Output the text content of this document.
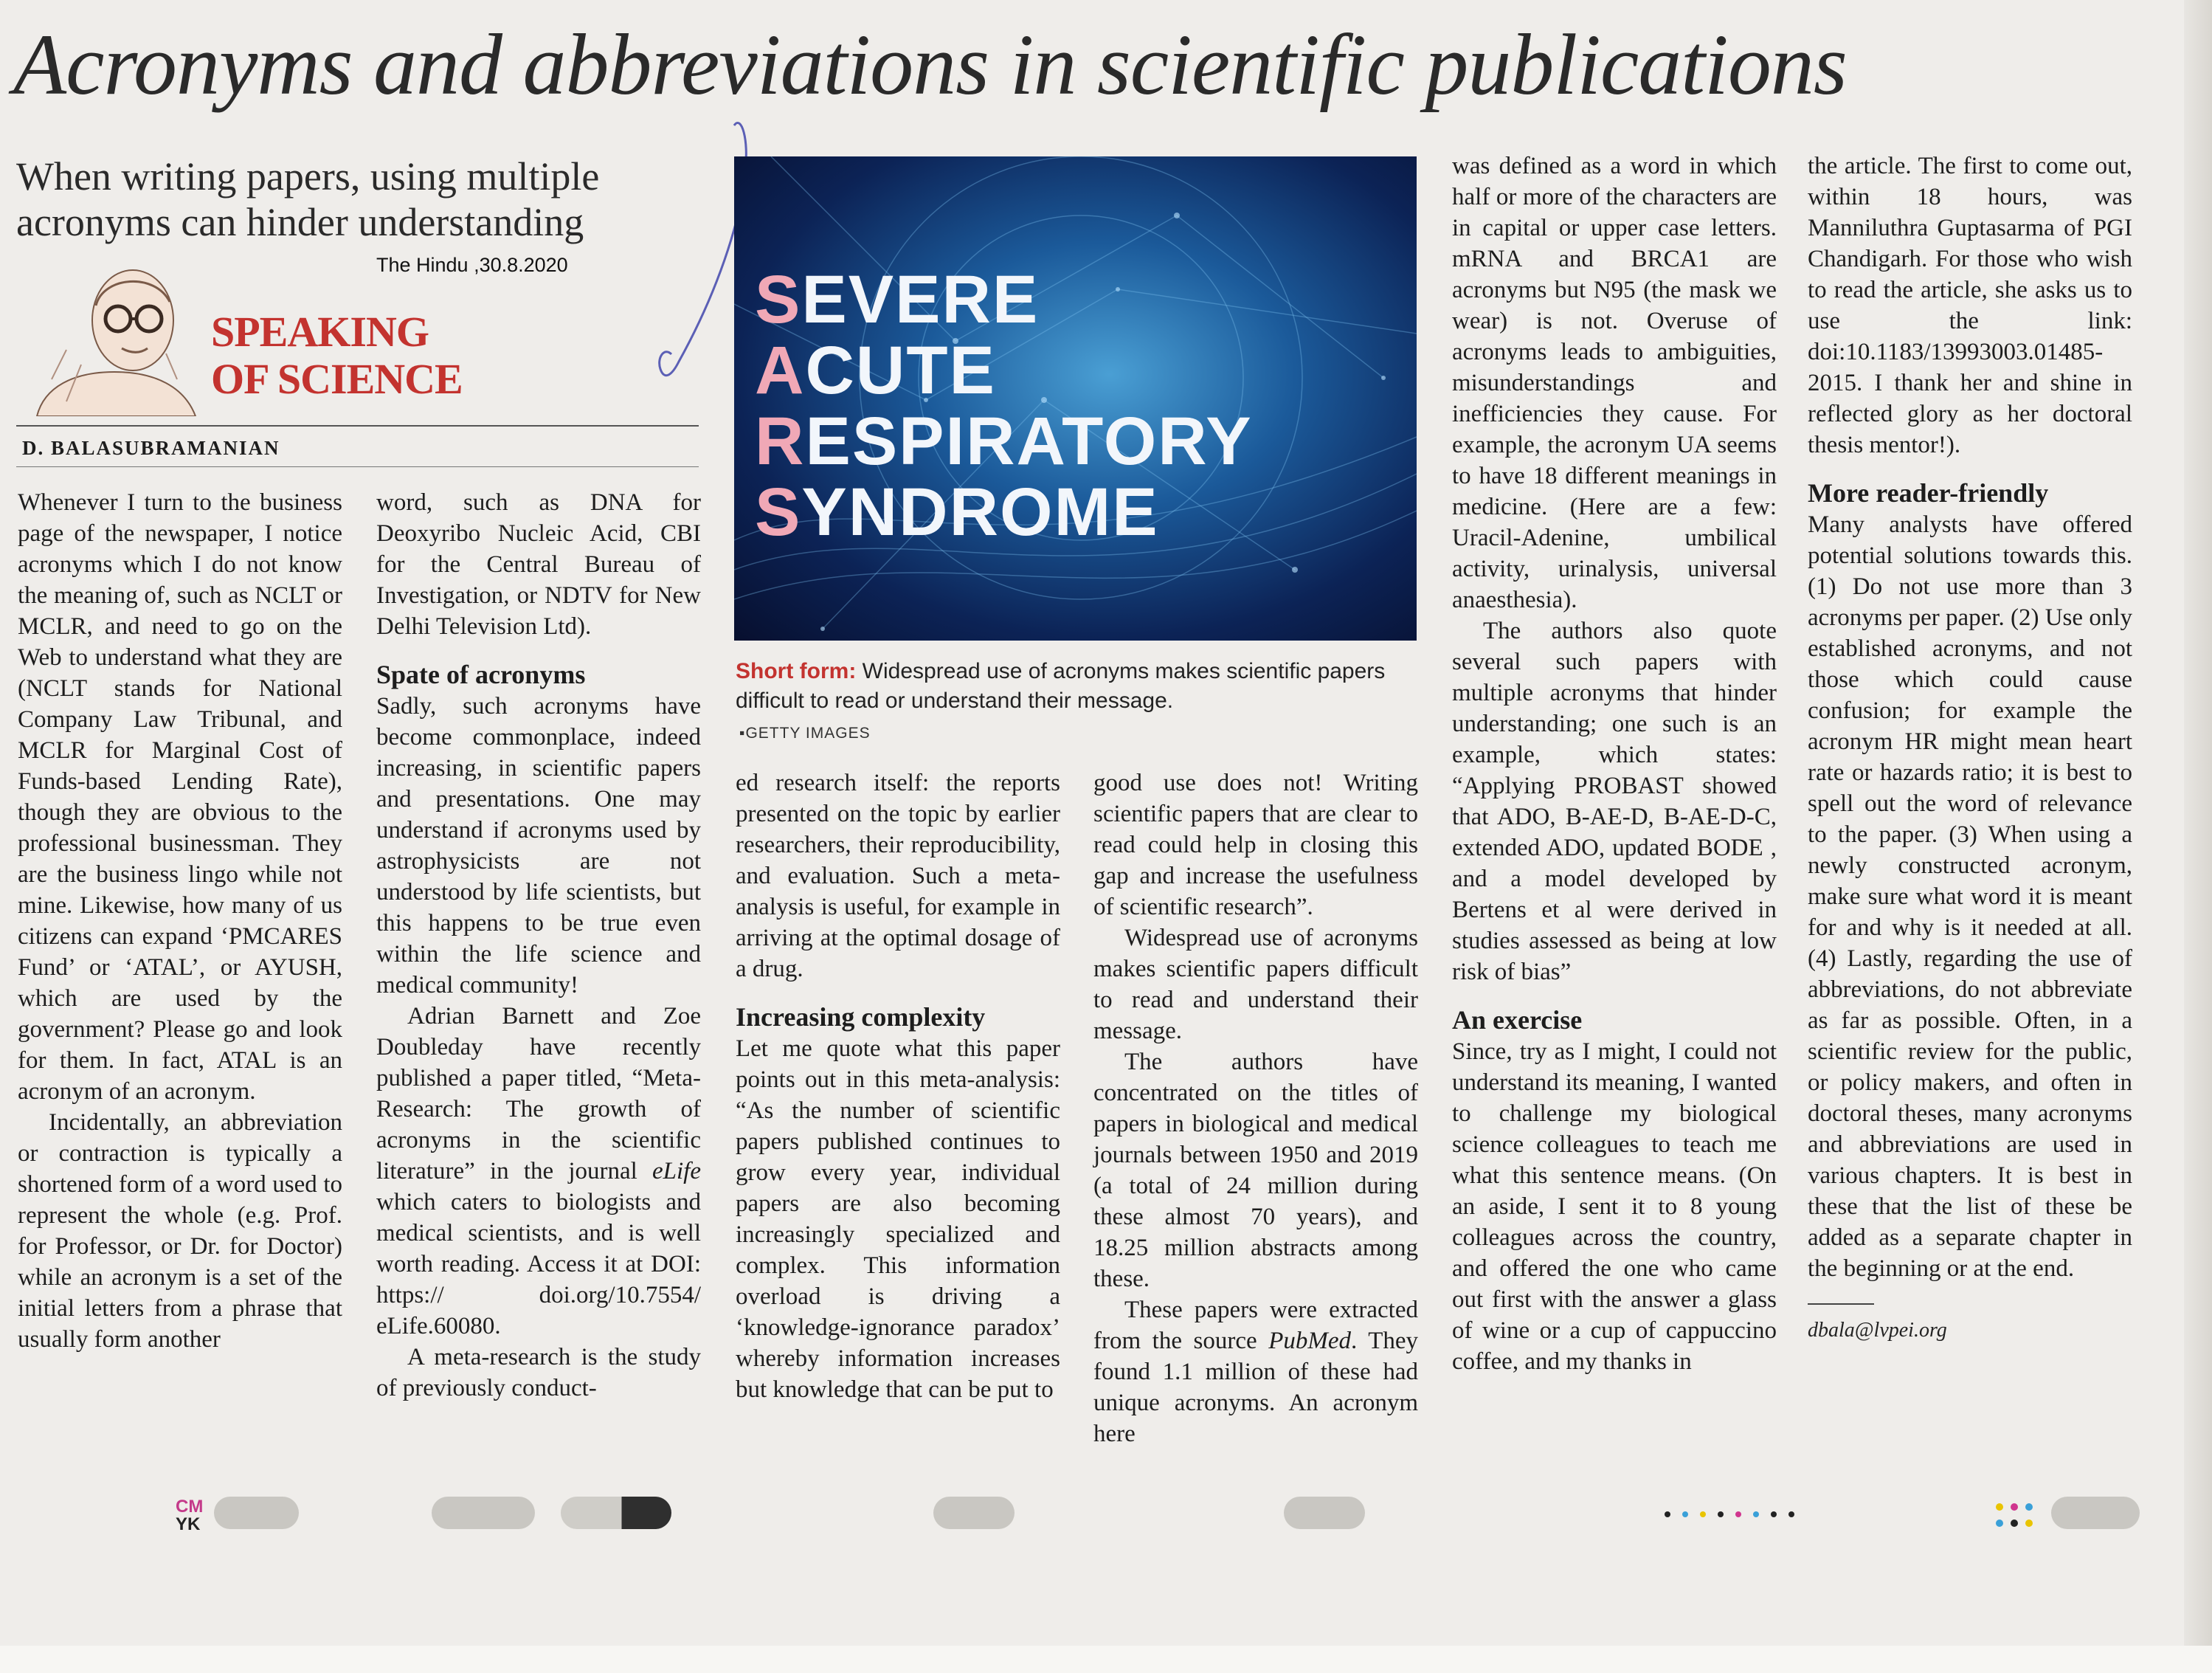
Acronyms and abbreviations in scientific publications
When writing papers, using multiple
acronyms can hinder understanding
The Hindu ,30.8.2020
SPEAKING
OF SCIENCE
D. BALASUBRAMANIAN
SEVERE
ACUTE
RESPIRATORY
SYNDROME
Short form: Widespread use of acronyms makes scientific papers difficult to read or understand their message.
▪GETTY IMAGES

Whenever I turn to the business page of the newspaper, I notice acronyms which I do not know the meaning of, such as NCLT or MCLR, and need to go on the Web to understand what they are (NCLT stands for National Company Law Tribunal, and MCLR for Marginal Cost of Funds-based Lending Rate), though they are obvious to the professional businessman. They are the business lingo while not mine. Likewise, how many of us citizens can expand ‘PMCARES Fund’ or ‘ATAL’, or AYUSH, which are used by the government? Please go and look for them. In fact, ATAL is an acronym of an acronym.

Incidentally, an abbreviation or contraction is typically a shortened form of a word used to represent the whole (e.g. Prof. for Professor, or Dr. for Doctor) while an acronym is a set of the initial letters from a phrase that usually form another

word, such as DNA for Deoxyribo Nucleic Acid, CBI for the Central Bureau of Investigation, or NDTV for New Delhi Television Ltd).

Spate of acronyms

Sadly, such acronyms have become commonplace, indeed increasing, in scientific papers and presentations. One may understand if acronyms used by astrophysicists are not understood by life scientists, but this happens to be true even within the life science and medical community!

Adrian Barnett and Zoe Doubleday have recently published a paper titled, “Meta-Research: The growth of acronyms in the scientific literature” in the journal eLife which caters to biologists and medical scientists, and is well worth reading. Access it at DOI: https:// doi.org/10.7554/ eLife.60080.

A meta-research is the study of previously conduct-

ed research itself: the reports presented on the topic by earlier researchers, their reproducibility, and evaluation. Such a meta-analysis is useful, for example in arriving at the optimal dosage of a drug.

Increasing complexity

Let me quote what this paper points out in this meta-analysis: “As the number of scientific papers published continues to grow every year, individual papers are also becoming increasingly specialized and complex. This information overload is driving a ‘knowledge-ignorance paradox’ whereby information increases but knowledge that can be put to

good use does not! Writing scientific papers that are clear to read could help in closing this gap and increase the usefulness of scientific research”.

Widespread use of acronyms makes scientific papers difficult to read and understand their message.

The authors have concentrated on the titles of papers in biological and medical journals between 1950 and 2019 (a total of 24 million during these almost 70 years), and 18.25 million abstracts among these.

These papers were extracted from the source PubMed. They found 1.1 million of these had unique acronyms. An acronym here

was defined as a word in which half or more of the characters are in capital or upper case letters. mRNA and BRCA1 are acronyms but N95 (the mask we wear) is not. Overuse of acronyms leads to ambiguities, misunderstandings and inefficiencies they cause. For example, the acronym UA seems to have 18 different meanings in medicine. (Here are a few: Uracil-Adenine, umbilical activity, urinalysis, universal anaesthesia).

The authors also quote several such papers with multiple acronyms that hinder understanding; one such is an example, which states: “Applying PROBAST showed that ADO, B-AE-D, B-AE-D-C, extended ADO, updated BODE , and a model developed by Bertens et al were derived in studies assessed as being at low risk of bias”

An exercise

Since, try as I might, I could not understand its meaning, I wanted to challenge my biological science colleagues to teach me what this sentence means. (On an aside, I sent it to 8 young colleagues across the country, and offered the one who came out first with the answer a glass of wine or a cup of cappuccino coffee, and my thanks in

the article. The first to come out, within 18 hours, was Manniluthra Guptasarma of PGI Chandigarh. For those who wish to read the article, she asks us to use the link: doi:10.1183/13993003.01485-2015. I thank her and shine in reflected glory as her doctoral thesis mentor!).

More reader-friendly

Many analysts have offered potential solutions towards this. (1) Do not use more than 3 acronyms per paper. (2) Use only established acronyms, and not those which could cause confusion; for example the acronym HR might mean heart rate or hazards ratio; it is best to spell out the word of relevance to the paper. (3) When using a newly constructed acronym, make sure what word it is meant for and why is it needed at all. (4) Lastly, regarding the use of abbreviations, do not abbreviate as far as possible. Often, in a scientific review for the public, or policy makers, and often in doctoral theses, many acronyms and abbreviations are used in various chapters. It is best in these that the list of these be added as a separate chapter in the beginning or at the end.

dbala@lvpei.org
CM
YK
